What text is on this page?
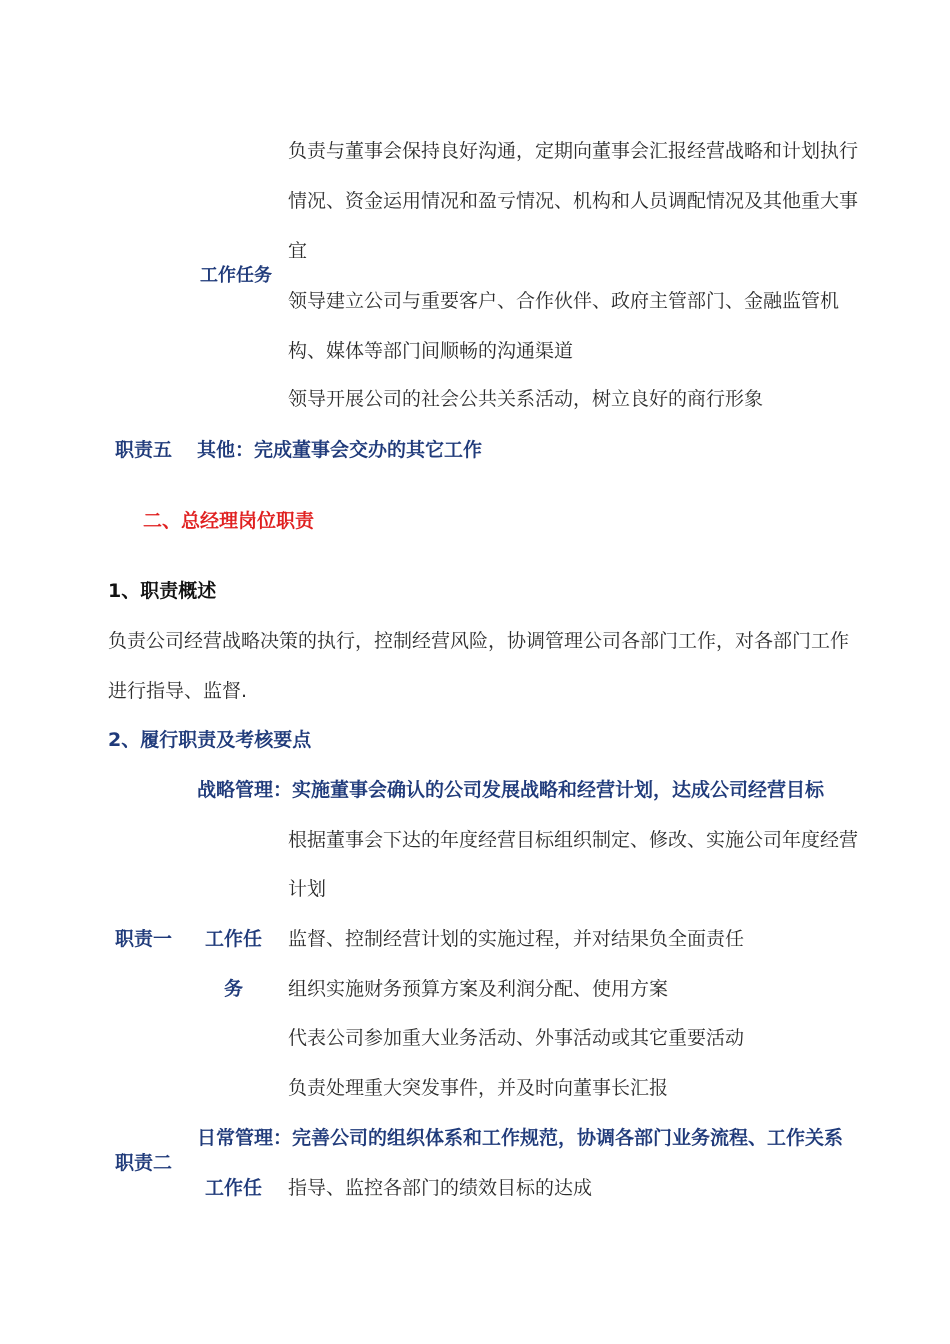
负责与董事会保持良好沟通，定期向董事会汇报经营战略和计划执行
情况、资金运用情况和盈亏情况、机构和人员调配情况及其他重大事
宜
工作任务
领导建立公司与重要客户、合作伙伴、政府主管部门、金融监管机
构、媒体等部门间顺畅的沟通渠道
领导开展公司的社会公共关系活动，树立良好的商行形象
职责五 其他：完成董事会交办的其它工作
二、总经理岗位职责
1、职责概述
负责公司经营战略决策的执行，控制经营风险，协调管理公司各部门工作，对各部门工作
进行指导、监督.
2、履行职责及考核要点
战略管理：实施董事会确认的公司发展战略和经营计划，达成公司经营目标
根据董事会下达的年度经营目标组织制定、修改、实施公司年度经营
计划
职责一 工作任 监督、控制经营计划的实施过程，并对结果负全面责任
务 组织实施财务预算方案及利润分配、使用方案
代表公司参加重大业务活动、外事活动或其它重要活动
负责处理重大突发事件，并及时向董事长汇报
日常管理：完善公司的组织体系和工作规范，协调各部门业务流程、工作关系
职责二
工作任 指导、监控各部门的绩效目标的达成
